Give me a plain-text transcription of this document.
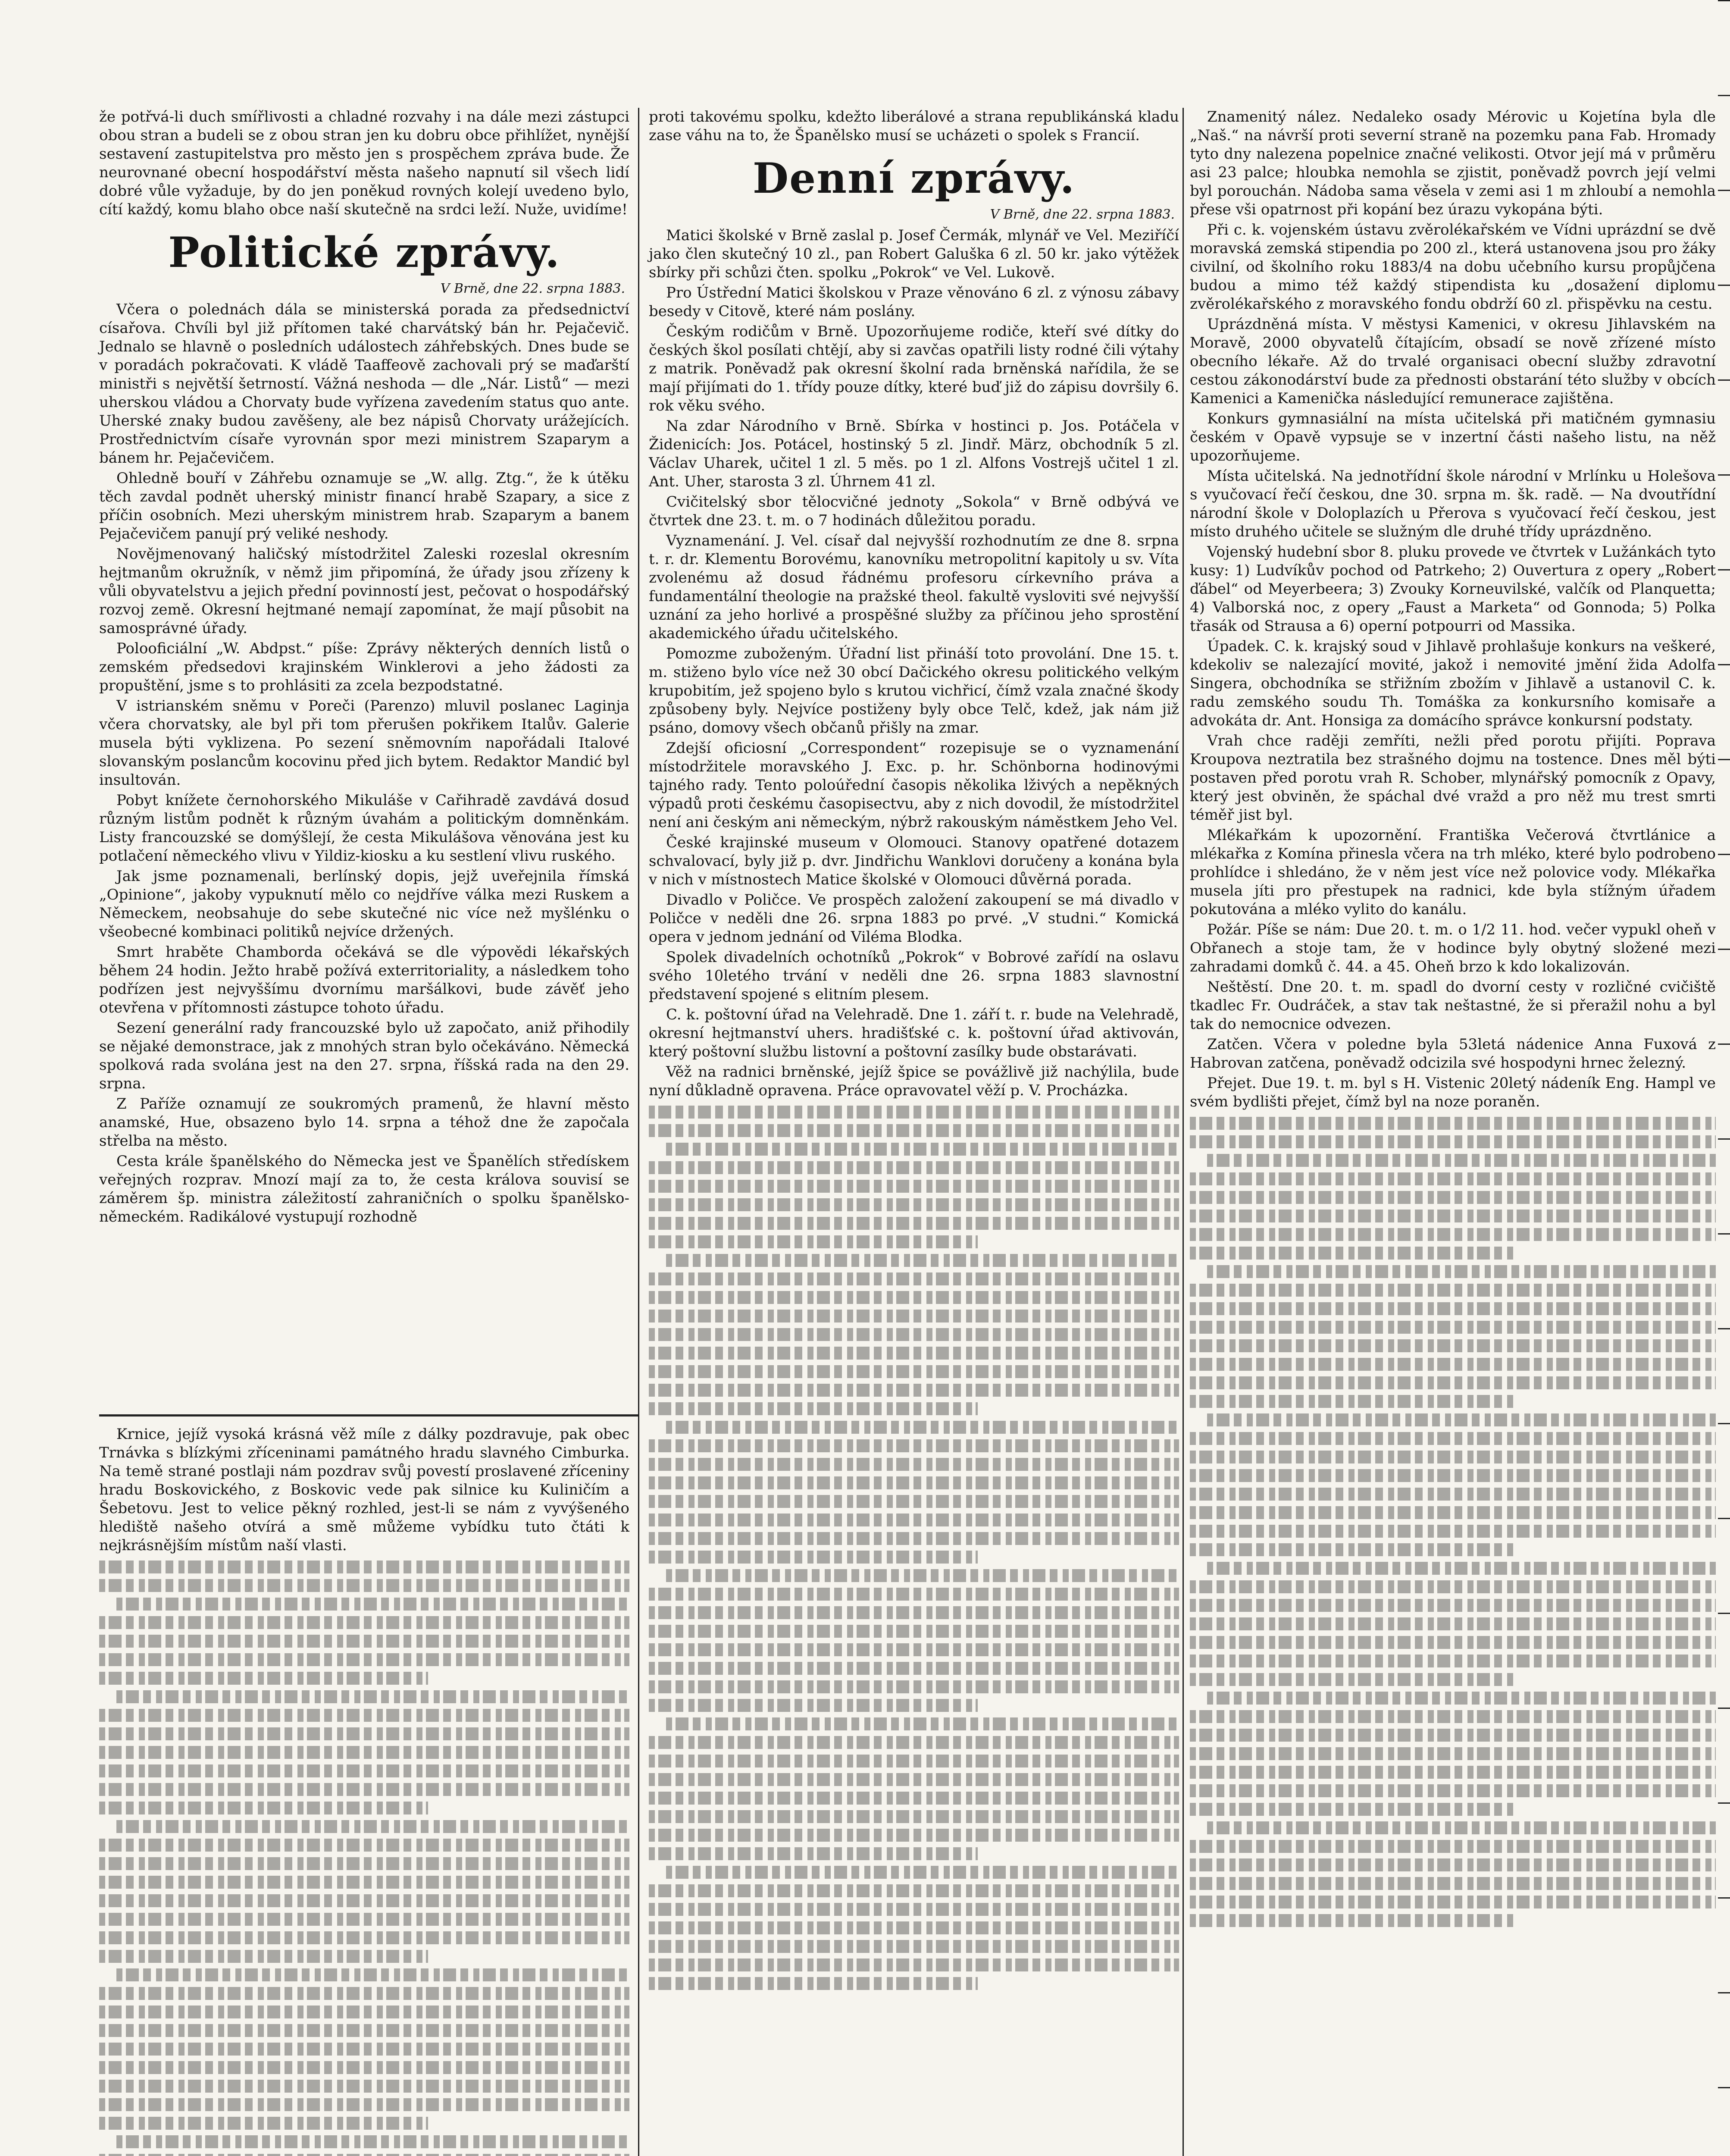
že potřvá-li duch smířlivosti a chladné rozvahy i na dále mezi zástupci obou stran a budeli se z obou stran jen ku dobru obce přihlížet, nynější sestavení zastupitelstva pro město jen s prospěchem zpráva bude. Že neurovnané obecní hospodářství města našeho napnutí sil všech lidí dobré vůle vyžaduje, by do jen poněkud rovných kolejí uvedeno bylo, cítí každý, komu blaho obce naší skutečně na srdci leží. Nuže, uvidíme!

Politické zprávy.
V Brně, dne 22. srpna 1883.

Včera o polednách dála se ministerská porada za předsednictví císařova. Chvíli byl již přítomen také charvátský bán hr. Pejačevič. Jednalo se hlavně o posledních událostech záhřebských. Dnes bude se v poradách pokračovati. K vládě Taaffeově zachovali prý se maďarští ministři s největší šetrností. Vážná neshoda — dle „Nár. Listů“ — mezi uherskou vládou a Chorvaty bude vyřízena zavedením status quo ante. Uherské znaky budou zavěšeny, ale bez nápisů Chorvaty urážejících. Prostřednictvím císaře vyrovnán spor mezi ministrem Szaparym a bánem hr. Pejačevičem.

Ohledně bouří v Záhřebu oznamuje se „W. allg. Ztg.“, že k útěku těch zavdal podnět uherský ministr financí hrabě Szapary, a sice z příčin osobních. Mezi uherským ministrem hrab. Szaparym a banem Pejačevičem panují prý veliké neshody.

Novějmenovaný haličský místodržitel Zaleski rozeslal okresním hejtmanům okružník, v němž jim připomíná, že úřady jsou zřízeny k vůli obyvatelstvu a jejich přední povinností jest, pečovat o hospodářský rozvoj země. Okresní hejtmané nemají zapomínat, že mají působit na samosprávné úřady.

Polooficiální „W. Abdpst.“ píše: Zprávy některých denních listů o zemském předsedovi krajinském Winklerovi a jeho žádosti za propuštění, jsme s to prohlásiti za zcela bezpodstatné.

V istrianském sněmu v Poreči (Parenzo) mluvil poslanec Laginja včera chorvatsky, ale byl při tom přerušen pokřikem Italův. Galerie musela býti vyklizena. Po sezení sněmovním napořádali Italové slovanským poslancům kocovinu před jich bytem. Redaktor Mandić byl insultován.

Pobyt knížete černohorského Mikuláše v Cařihradě zavdává dosud různým listům podnět k různým úvahám a politickým domněnkám. Listy francouzské se domýšlejí, že cesta Mikulášova věnována jest ku potlačení německého vlivu v Yildiz-kiosku a ku sestlení vlivu ruského.

Jak jsme poznamenali, berlínský dopis, jejž uveřejnila římská „Opinione“, jakoby vypuknutí mělo co nejdříve válka mezi Ruskem a Německem, neobsahuje do sebe skutečné nic více než myšlénku o všeobecné kombinaci politiků nejvíce držených.

Smrt hraběte Chamborda očekává se dle výpovědi lékařských během 24 hodin. Ježto hrabě požívá exterritoriality, a následkem toho podřízen jest nejvyššímu dvornímu maršálkovi, bude závěť jeho otevřena v přítomnosti zástupce tohoto úřadu.

Sezení generální rady francouzské bylo už započato, aniž přihodily se nějaké demonstrace, jak z mnohých stran bylo očekáváno. Německá spolková rada svolána jest na den 27. srpna, říšská rada na den 29. srpna.

Z Paříže oznamují ze soukromých pramenů, že hlavní město anamské, Hue, obsazeno bylo 14. srpna a téhož dne že započala střelba na město.

Cesta krále španělského do Německa jest ve Španělích středískem veřejných rozprav. Mnozí mají za to, že cesta králova souvisí se záměrem šp. ministra záležitostí zahraničních o spolku španělsko-německém. Radikálové vystupují rozhodně

Krnice, jejíž vysoká krásná věž míle z dálky pozdravuje, pak obec Trnávka s blízkými zříceninami památného hradu slavného Cimburka. Na temě strané postlaji nám pozdrav svůj povestí proslavené zříceniny hradu Boskovického, z Boskovic vede pak silnice ku Kuliničím a Šebetovu. Jest to velice pěkný rozhled, jest-li se nám z vyvýšeného hlediště našeho otvírá a smě můžeme vybídku tuto čtáti k nejkrásnějším místům naší vlasti.

proti takovému spolku, kdežto liberálové a strana republikánská kladu zase váhu na to, že Španělsko musí se ucházeti o spolek s Francií.

Denní zprávy.
V Brně, dne 22. srpna 1883.

Matici školské v Brně zaslal p. Josef Čermák, mlynář ve Vel. Meziříčí jako člen skutečný 10 zl., pan Robert Galuška 6 zl. 50 kr. jako výtěžek sbírky při schůzi čten. spolku „Pokrok“ ve Vel. Lukově.

Pro Ústřední Matici školskou v Praze věnováno 6 zl. z výnosu zábavy besedy v Citově, které nám poslány.

Českým rodičům v Brně. Upozorňujeme rodiče, kteří své dítky do českých škol posílati chtějí, aby si zavčas opatřili listy rodné čili výtahy z matrik. Poněvadž pak okresní školní rada brněnská nařídila, že se mají přijímati do 1. třídy pouze dítky, které buď již do zápisu dovršily 6. rok věku svého.

Na zdar Národního v Brně. Sbírka v hostinci p. Jos. Potáčela v Židenicích: Jos. Potácel, hostinský 5 zl. Jindř. März, obchodník 5 zl. Václav Uharek, učitel 1 zl. 5 měs. po 1 zl. Alfons Vostrejš učitel 1 zl. Ant. Uher, starosta 3 zl. Úhrnem 41 zl.

Cvičitelský sbor tělocvičné jednoty „Sokola“ v Brně odbývá ve čtvrtek dne 23. t. m. o 7 hodinách důležitou poradu.

Vyznamenání. J. Vel. císař dal nejvyšší rozhodnutím ze dne 8. srpna t. r. dr. Klementu Borovému, kanovníku metropolitní kapitoly u sv. Víta zvolenému až dosud řádnému profesoru církevního práva a fundamentální theologie na pražské theol. fakultě vysloviti své nejvyšší uznání za jeho horlivé a prospěšné služby za příčinou jeho sprostění akademického úřadu učitelského.

Pomozme zuboženým. Úřadní list přináší toto provolání. Dne 15. t. m. stiženo bylo více než 30 obcí Dačického okresu politického velkým krupobitím, jež spojeno bylo s krutou vichřicí, čímž vzala značné škody způsobeny byly. Nejvíce postiženy byly obce Telč, kdež, jak nám již psáno, domovy všech občanů přišly na zmar.

Zdejší oficiosní „Correspondent“ rozepisuje se o vyznamenání místodržitele moravského J. Exc. p. hr. Schönborna hodinovými tajného rady. Tento poloúřední časopis několika lživých a nepěkných výpadů proti českému časopisectvu, aby z nich dovodil, že místodržitel není ani českým ani německým, nýbrž rakouským náměstkem Jeho Vel.

České krajinské museum v Olomouci. Stanovy opatřené dotazem schvalovací, byly již p. dvr. Jindřichu Wanklovi doručeny a konána byla v nich v místnostech Matice školské v Olomouci důvěrná porada.

Divadlo v Poličce. Ve prospěch založení zakoupení se má divadlo v Poličce v neděli dne 26. srpna 1883 po prvé. „V studni.“ Komická opera v jednom jednání od Viléma Blodka.

Spolek divadelních ochotníků „Pokrok“ v Bobrové zařídí na oslavu svého 10letého trvání v neděli dne 26. srpna 1883 slavnostní představení spojené s elitním plesem.

C. k. poštovní úřad na Velehradě. Dne 1. září t. r. bude na Velehradě, okresní hejtmanství uhers. hradišťské c. k. poštovní úřad aktivován, který poštovní službu listovní a poštovní zasílky bude obstarávati.

Věž na radnici brněnské, jejíž špice se povážlivě již nachýlila, bude nyní důkladně opravena. Práce opravovatel věží p. V. Procházka.

Znamenitý nález. Nedaleko osady Mérovic u Kojetína byla dle „Naš.“ na návrší proti severní straně na pozemku pana Fab. Hromady tyto dny nalezena popelnice značné velikosti. Otvor její má v průměru asi 23 palce; hloubka nemohla se zjistit, poněvadž povrch její velmi byl porouchán. Nádoba sama věsela v zemi asi 1 m zhloubí a nemohla přese vši opatrnost při kopání bez úrazu vykopána býti.

Při c. k. vojenském ústavu zvěrolékařském ve Vídni uprázdní se dvě moravská zemská stipendia po 200 zl., která ustanovena jsou pro žáky civilní, od školního roku 1883/4 na dobu učebního kursu propůjčena budou a mimo též každý stipendista ku „dosažení diplomu zvěrolékařského z moravského fondu obdrží 60 zl. přispěvku na cestu.

Uprázdněná místa. V městysi Kamenici, v okresu Jihlavském na Moravě, 2000 obyvatelů čítajícím, obsadí se nově zřízené místo obecního lékaře. Až do trvalé organisaci obecní služby zdravotní cestou zákonodárství bude za přednosti obstarání této služby v obcích Kamenici a Kamenička následující remunerace zajištěna.

Konkurs gymnasiální na místa učitelská při matičném gymnasiu českém v Opavě vypsuje se v inzertní části našeho listu, na něž upozorňujeme.

Místa učitelská. Na jednotřídní škole národní v Mrlínku u Holešova s vyučovací řečí českou, dne 30. srpna m. šk. radě. — Na dvoutřídní národní škole v Doloplazích u Přerova s vyučovací řečí českou, jest místo druhého učitele se služným dle druhé třídy uprázdněno.

Vojenský hudební sbor 8. pluku provede ve čtvrtek v Lužánkách tyto kusy: 1) Ludvíkův pochod od Patrkeho; 2) Ouvertura z opery „Robert ďábel“ od Meyerbeera; 3) Zvouky Korneuvilské, valčík od Planquetta; 4) Valborská noc, z opery „Faust a Marketa“ od Gonnoda; 5) Polka třasák od Strausa a 6) operní potpourri od Massika.

Úpadek. C. k. krajský soud v Jihlavě prohlašuje konkurs na veškeré, kdekoliv se nalezající movité, jakož i nemovité jmění žida Adolfa Singera, obchodníka se střižním zbožím v Jihlavě a ustanovil C. k. radu zemského soudu Th. Tomáška za konkursního komisaře a advokáta dr. Ant. Honsiga za domácího správce konkursní podstaty.

Vrah chce raději zemříti, nežli před porotu přijíti. Poprava Kroupova neztratila bez strašného dojmu na tostence. Dnes měl býti postaven před porotu vrah R. Schober, mlynářský pomocník z Opavy, který jest obviněn, že spáchal dvé vražd a pro něž mu trest smrti téměř jist byl.

Mlékařkám k upozornění. Františka Večerová čtvrtlánice a mlékařka z Komína přinesla včera na trh mléko, které bylo podrobeno prohlídce i shledáno, že v něm jest více než polovice vody. Mlékařka musela jíti pro přestupek na radnici, kde byla stížným úřadem pokutována a mléko vylito do kanálu.

Požár. Píše se nám: Due 20. t. m. o 1/2 11. hod. večer vypukl oheň v Obřanech a stoje tam, že v hodince byly obytný složené mezi zahradami domků č. 44. a 45. Oheň brzo k kdo lokalizován.

Neštěstí. Dne 20. t. m. spadl do dvorní cesty v rozličné cvičiště tkadlec Fr. Oudráček, a stav tak neštastné, že si přeražil nohu a byl tak do nemocnice odvezen.

Zatčen. Včera v poledne byla 53letá nádenice Anna Fuxová z Habrovan zatčena, poněvadž odcizila své hospodyni hrnec železný.

Přejet. Due 19. t. m. byl s H. Vistenic 20letý nádeník Eng. Hampl ve svém bydlišti přejet, čímž byl na noze poraněn.
